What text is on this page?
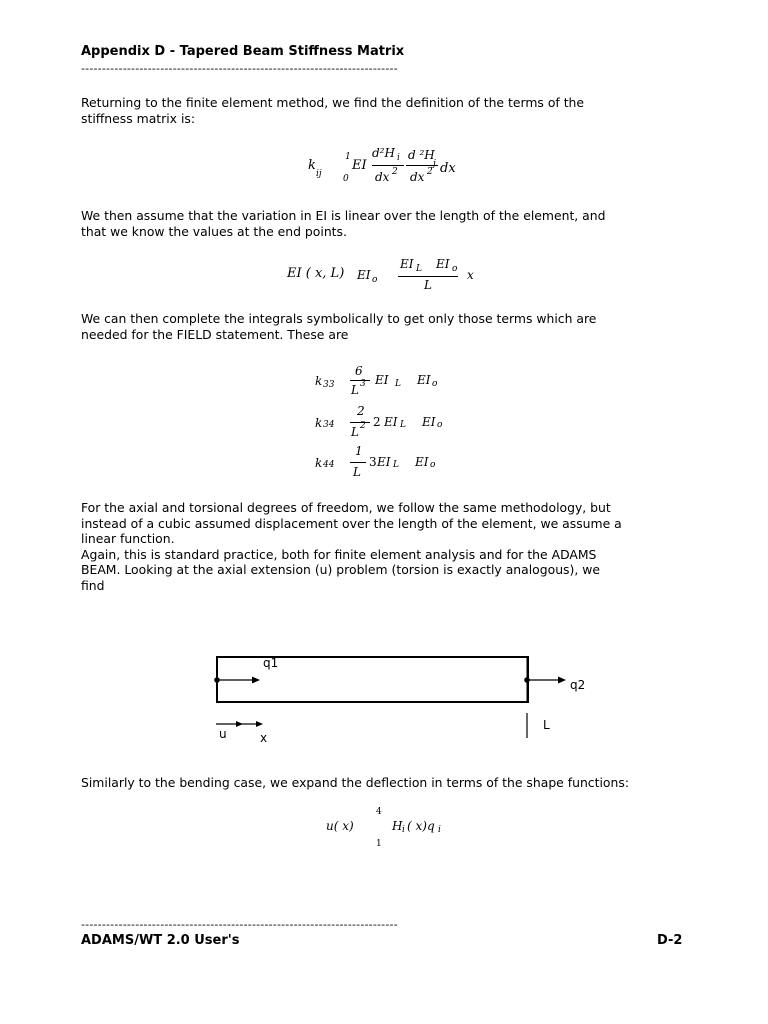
Appendix D - Tapered Beam Stiffness Matrix
----------------------------------------------------------------------------
Returning to the finite element method, we find the definition of the terms of the
stiffness matrix is:
k
ij
1
0
EI
d²H i
dx 2
d ²H
j
dx 2 dx
We then assume that the variation in EI is linear over the length of the element, and
that we know the values at the end points.
EI ( x, L) EI o
EI L EI o
L
x
We can then complete the integrals symbolically to get only those terms which are
needed for the FIELD statement. These are
k 33
6
L 3 EI L EI o
k 34
2
L 2 2 EI L EI o
k 44
1
L
3 EI L EI o
For the axial and torsional degrees of freedom, we follow the same methodology, but
instead of a cubic assumed displacement over the length of the element, we assume a
linear function.
Again, this is standard practice, both for finite element analysis and for the ADAMS
BEAM. Looking at the axial extension (u) problem (torsion is exactly analogous), we
find
q1
q2
u	x
L
Similarly to the bending case, we expand the deflection in terms of the shape functions:
u( x)
4
1
H i ( x)q i
----------------------------------------------------------------------------
ADAMS/WT 2.0 User's	D-2
